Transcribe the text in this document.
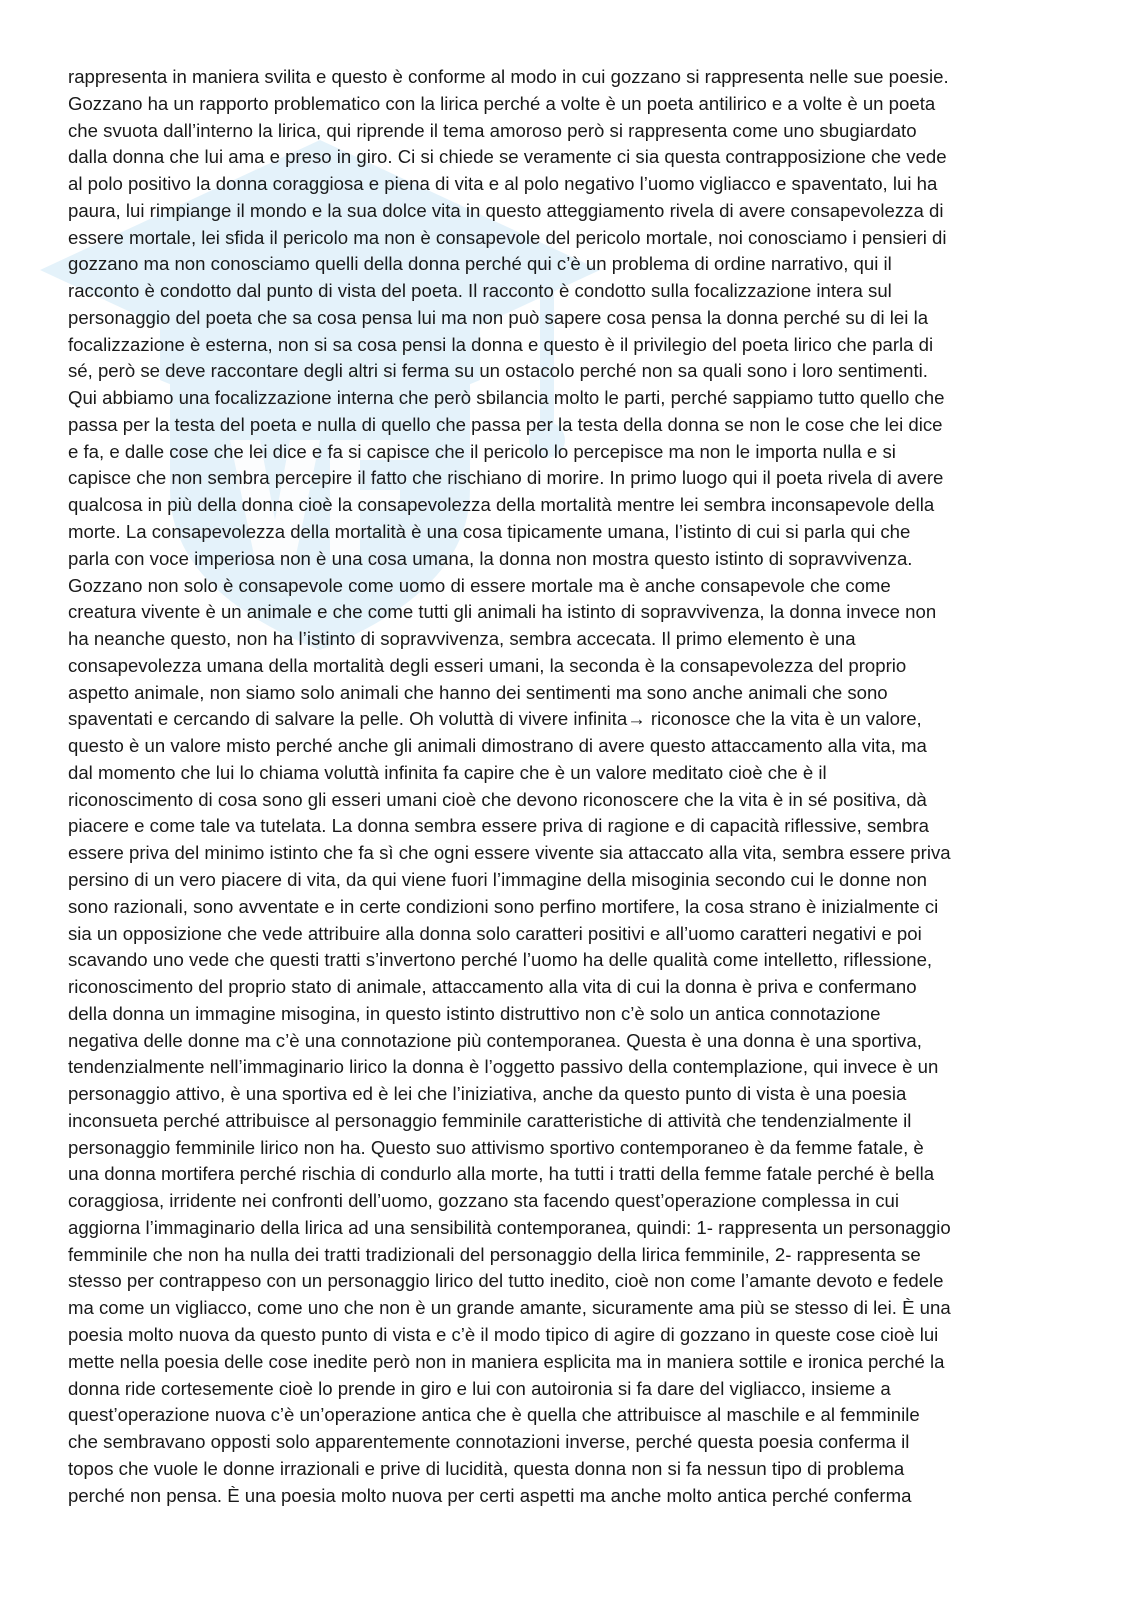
rappresenta in maniera svilita e questo è conforme al modo in cui gozzano si rappresenta nelle sue poesie.
Gozzano ha un rapporto problematico con la lirica perché a volte è un poeta antilirico e a volte è un poeta
che svuota dall’interno la lirica, qui riprende il tema amoroso però si rappresenta come uno sbugiardato
dalla donna che lui ama e preso in giro. Ci si chiede se veramente ci sia questa contrapposizione che vede
al polo positivo la donna coraggiosa e piena di vita e al polo negativo l’uomo vigliacco e spaventato, lui ha
paura, lui rimpiange il mondo e la sua dolce vita in questo atteggiamento rivela di avere consapevolezza di
essere mortale, lei sfida il pericolo ma non è consapevole del pericolo mortale, noi conosciamo i pensieri di
gozzano ma non conosciamo quelli della donna perché qui c’è un problema di ordine narrativo, qui il
racconto è condotto dal punto di vista del poeta. Il racconto è condotto sulla focalizzazione intera sul
personaggio del poeta che sa cosa pensa lui ma non può sapere cosa pensa la donna perché su di lei la
focalizzazione è esterna, non si sa cosa pensi la donna e questo è il privilegio del poeta lirico che parla di
sé, però se deve raccontare degli altri si ferma su un ostacolo perché non sa quali sono i loro sentimenti.
Qui abbiamo una focalizzazione interna che però sbilancia molto le parti, perché sappiamo tutto quello che
passa per la testa del poeta e nulla di quello che passa per la testa della donna se non le cose che lei dice
e fa, e dalle cose che lei dice e fa si capisce che il pericolo lo percepisce ma non le importa nulla e si
capisce che non sembra percepire il fatto che rischiano di morire. In primo luogo qui il poeta rivela di avere
qualcosa in più della donna cioè la consapevolezza della mortalità mentre lei sembra inconsapevole della
morte. La consapevolezza della mortalità è una cosa tipicamente umana, l’istinto di cui si parla qui che
parla con voce imperiosa non è una cosa umana, la donna non mostra questo istinto di sopravvivenza.
Gozzano non solo è consapevole come uomo di essere mortale ma è anche consapevole che come
creatura vivente è un animale e che come tutti gli animali ha istinto di sopravvivenza, la donna invece non
ha neanche questo, non ha l’istinto di sopravvivenza, sembra accecata. Il primo elemento è una
consapevolezza umana della mortalità degli esseri umani, la seconda è la consapevolezza del proprio
aspetto animale, non siamo solo animali che hanno dei sentimenti ma sono anche animali che sono
spaventati e cercando di salvare la pelle. Oh voluttà di vivere infinita→ riconosce che la vita è un valore,
questo è un valore misto perché anche gli animali dimostrano di avere questo attaccamento alla vita, ma
dal momento che lui lo chiama voluttà infinita fa capire che è un valore meditato cioè che è il
riconoscimento di cosa sono gli esseri umani cioè che devono riconoscere che la vita è in sé positiva, dà
piacere e come tale va tutelata. La donna sembra essere priva di ragione e di capacità riflessive, sembra
essere priva del minimo istinto che fa sì che ogni essere vivente sia attaccato alla vita, sembra essere priva
persino di un vero piacere di vita, da qui viene fuori l’immagine della misoginia secondo cui le donne non
sono razionali, sono avventate e in certe condizioni sono perfino mortifere, la cosa strano è inizialmente ci
sia un opposizione che vede attribuire alla donna solo caratteri positivi e all’uomo caratteri negativi e poi
scavando uno vede che questi tratti s’invertono perché l’uomo ha delle qualità come intelletto, riflessione,
riconoscimento del proprio stato di animale, attaccamento alla vita di cui la donna è priva e confermano
della donna un immagine misogina, in questo istinto distruttivo non c’è solo un antica connotazione
negativa delle donne ma c’è una connotazione più contemporanea. Questa è una donna è una sportiva,
tendenzialmente nell’immaginario lirico la donna è l’oggetto passivo della contemplazione, qui invece è un
personaggio attivo, è una sportiva ed è lei che l’iniziativa, anche da questo punto di vista è una poesia
inconsueta perché attribuisce al personaggio femminile caratteristiche di attività che tendenzialmente il
personaggio femminile lirico non ha. Questo suo attivismo sportivo contemporaneo è da femme fatale, è
una donna mortifera perché rischia di condurlo alla morte, ha tutti i tratti della femme fatale perché è bella
coraggiosa, irridente nei confronti dell’uomo, gozzano sta facendo quest’operazione complessa in cui
aggiorna l’immaginario della lirica ad una sensibilità contemporanea, quindi: 1- rappresenta un personaggio
femminile che non ha nulla dei tratti tradizionali del personaggio della lirica femminile, 2- rappresenta se
stesso per contrappeso con un personaggio lirico del tutto inedito, cioè non come l’amante devoto e fedele
ma come un vigliacco, come uno che non è un grande amante, sicuramente ama più se stesso di lei. È una
poesia molto nuova da questo punto di vista e c’è il modo tipico di agire di gozzano in queste cose cioè lui
mette nella poesia delle cose inedite però non in maniera esplicita ma in maniera sottile e ironica perché la
donna ride cortesemente cioè lo prende in giro e lui con autoironia si fa dare del vigliacco, insieme a
quest’operazione nuova c’è un’operazione antica che è quella che attribuisce al maschile e al femminile
che sembravano opposti solo apparentemente connotazioni inverse, perché questa poesia conferma il
topos che vuole le donne irrazionali e prive di lucidità, questa donna non si fa nessun tipo di problema
perché non pensa. È una poesia molto nuova per certi aspetti ma anche molto antica perché conferma
